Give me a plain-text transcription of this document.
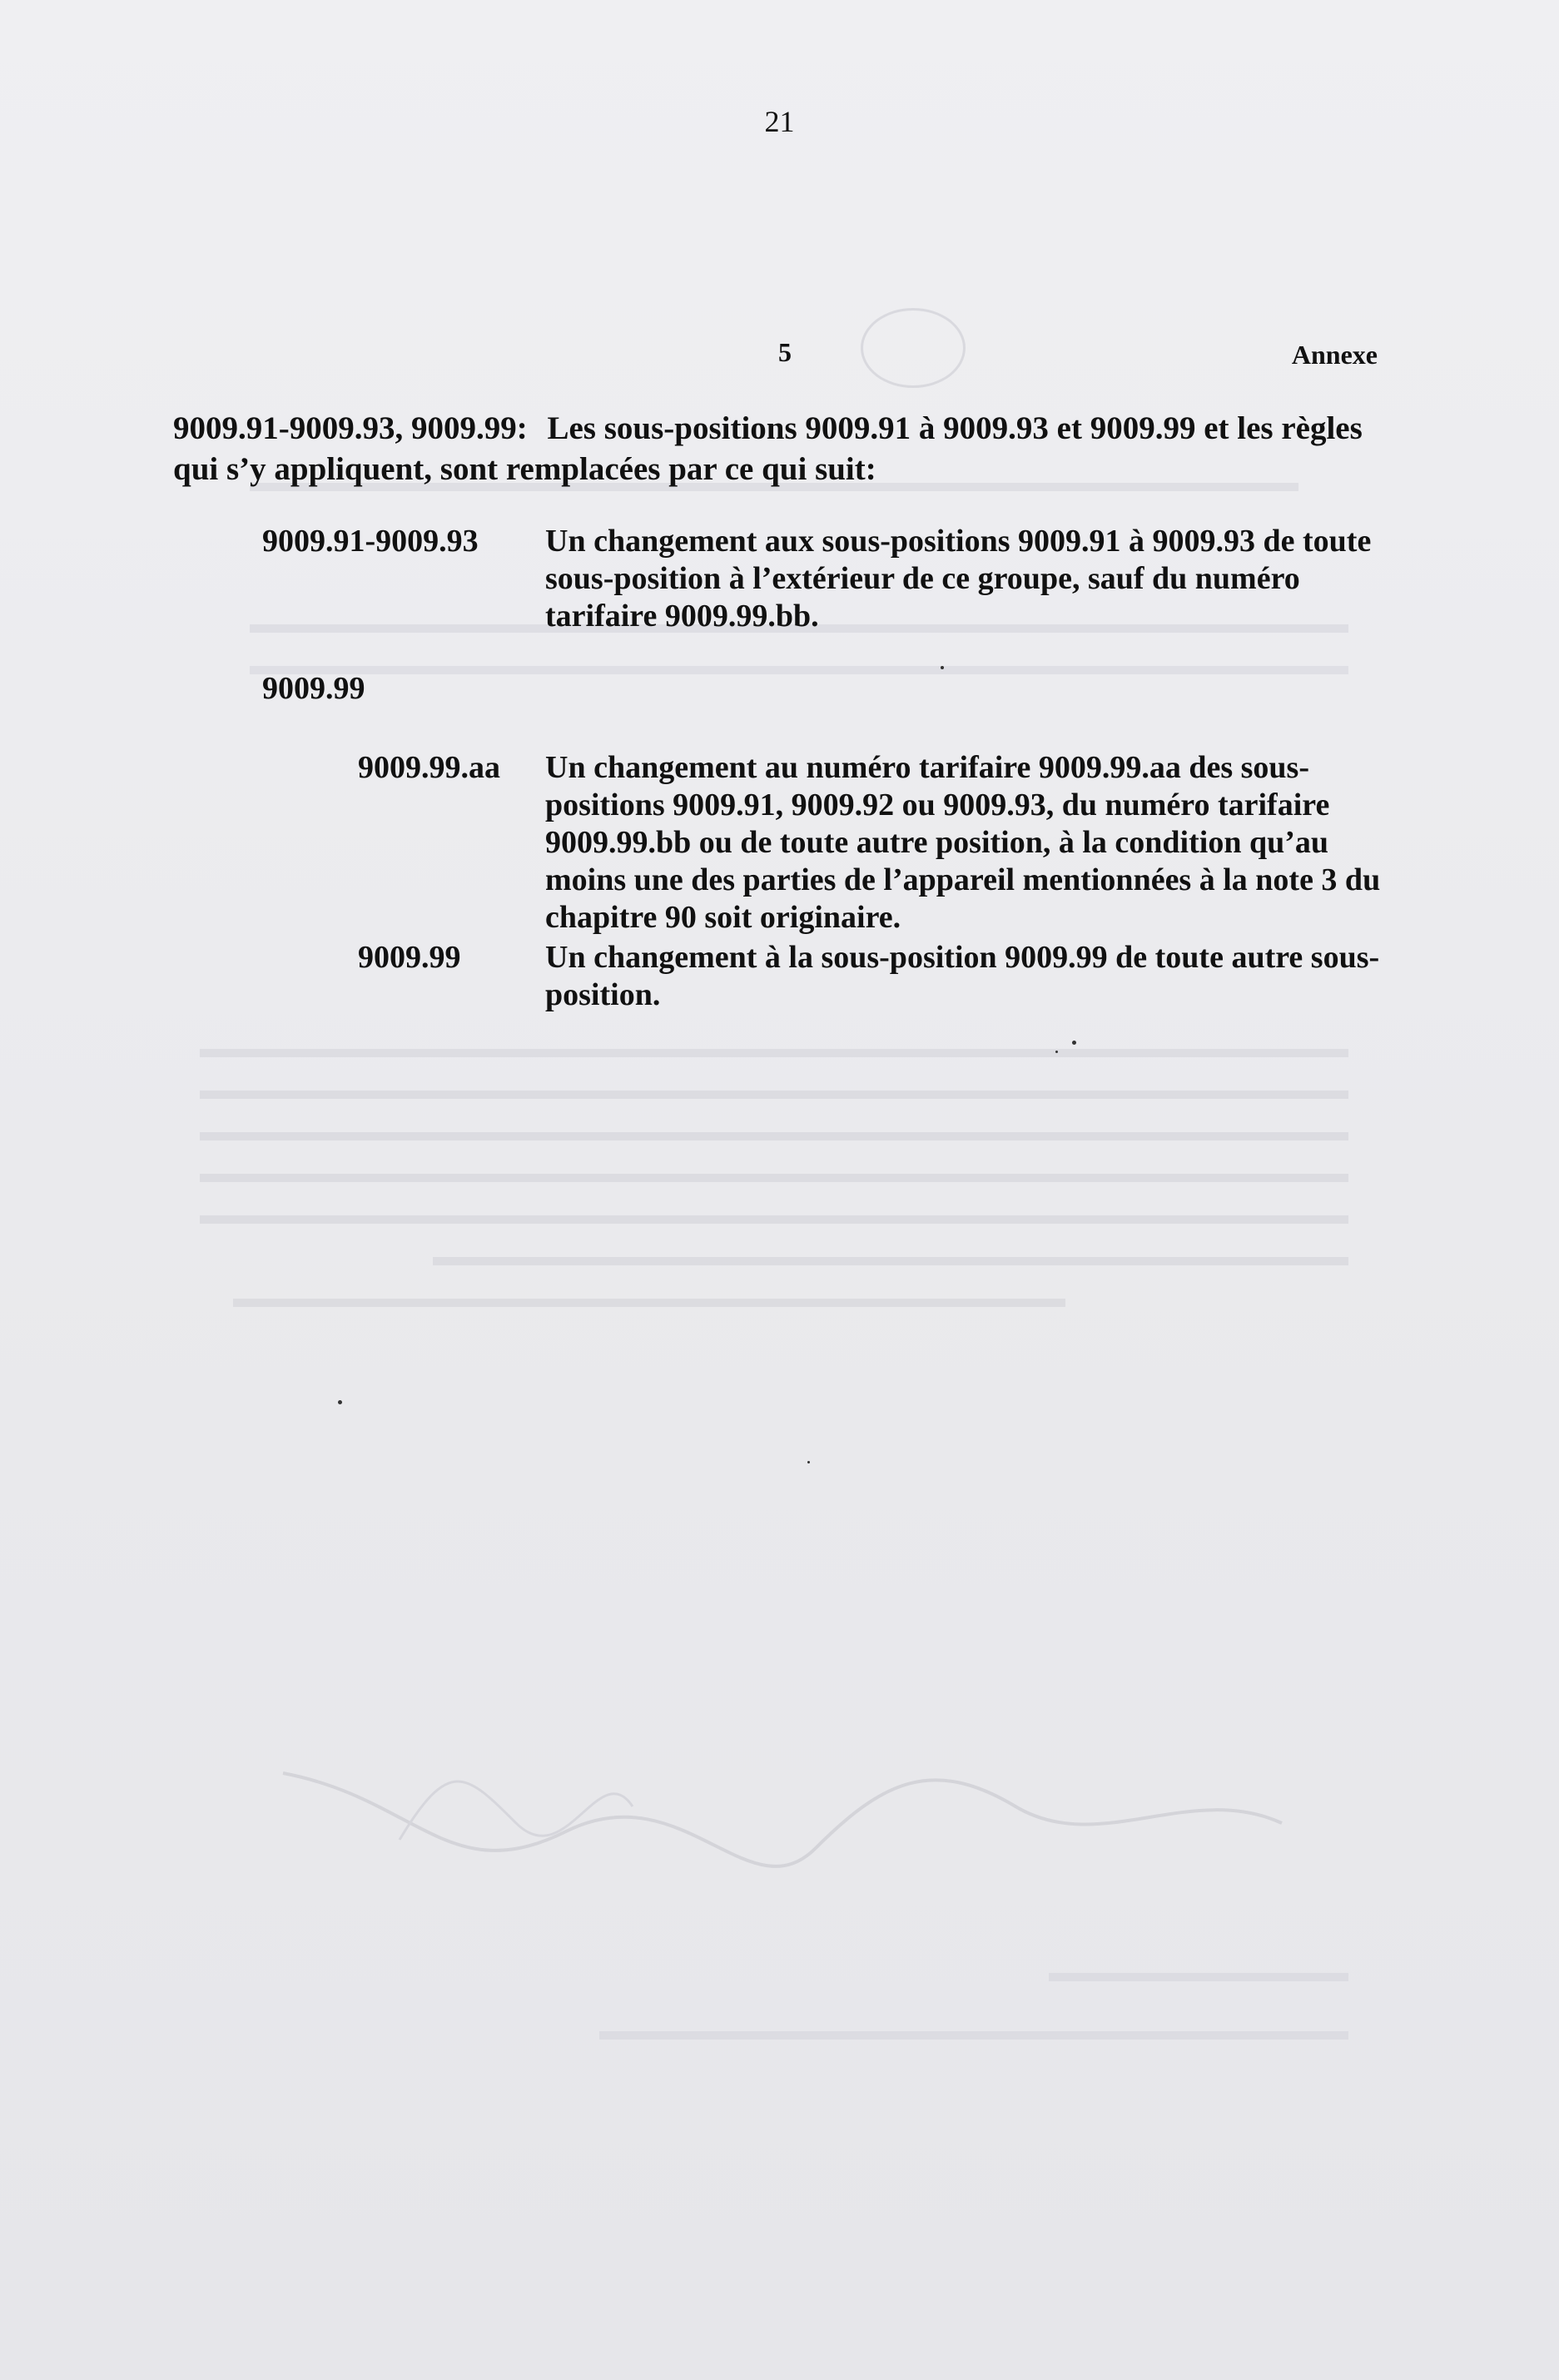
21
5	Annexe
9009.91-9009.93, 9009.99: Les sous-positions 9009.91 à 9009.93 et 9009.99 et les règles qui s’y appliquent, sont remplacées par ce qui suit:
9009.91-9009.93 Un changement aux sous-positions 9009.91 à 9009.93 de toute sous-position à l’extérieur de ce groupe, sauf du numéro tarifaire 9009.99.bb.
9009.99
9009.99.aa Un changement au numéro tarifaire 9009.99.aa des sous-positions 9009.91, 9009.92 ou 9009.93, du numéro tarifaire 9009.99.bb ou de toute autre position, à la condition qu’au moins une des parties de l’appareil mentionnées à la note 3 du chapitre 90 soit originaire.
9009.99	Un changement à la sous-position 9009.99 de toute autre sous-position.
